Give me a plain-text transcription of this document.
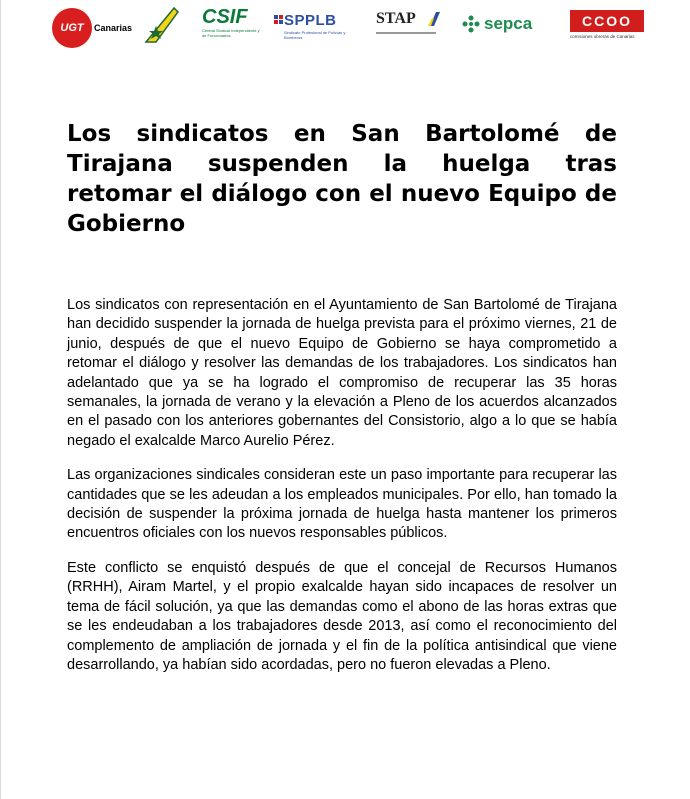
UGT	Canarias	CSIF
Central Sindical Independiente y de Funcionarios
SPPLB
Sindicato Profesional de Policías y Bomberos
STAP	sepca	CCOO
comisiones obreras de Canarias
Los sindicatos en San Bartolomé de Tirajana suspenden la huelga tras retomar el diálogo con el nuevo Equipo de Gobierno

Los sindicatos con representación en el Ayuntamiento de San Bartolomé de Tirajana han decidido suspender la jornada de huelga prevista para el próximo viernes, 21 de junio, después de que el nuevo Equipo de Gobierno se haya comprometido a retomar el diálogo y resolver las demandas de los trabajadores. Los sindicatos han adelantado que ya se ha logrado el compromiso de recuperar las 35 horas semanales, la jornada de verano y la elevación a Pleno de los acuerdos alcanzados en el pasado con los anteriores gobernantes del Consistorio, algo a lo que se había negado el exalcalde Marco Aurelio Pérez.

Las organizaciones sindicales consideran este un paso importante para recuperar las cantidades que se les adeudan a los empleados municipales. Por ello, han tomado la decisión de suspender la próxima jornada de huelga hasta mantener los primeros encuentros oficiales con los nuevos responsables públicos.

Este conflicto se enquistó después de que el concejal de Recursos Humanos (RRHH), Airam Martel, y el propio exalcalde hayan sido incapaces de resolver un tema de fácil solución, ya que las demandas como el abono de las horas extras que se les endeudaban a los trabajadores desde 2013, así como el reconocimiento del complemento de ampliación de jornada y el fin de la política antisindical que viene desarrollando, ya habían sido acordadas, pero no fueron elevadas a Pleno.
